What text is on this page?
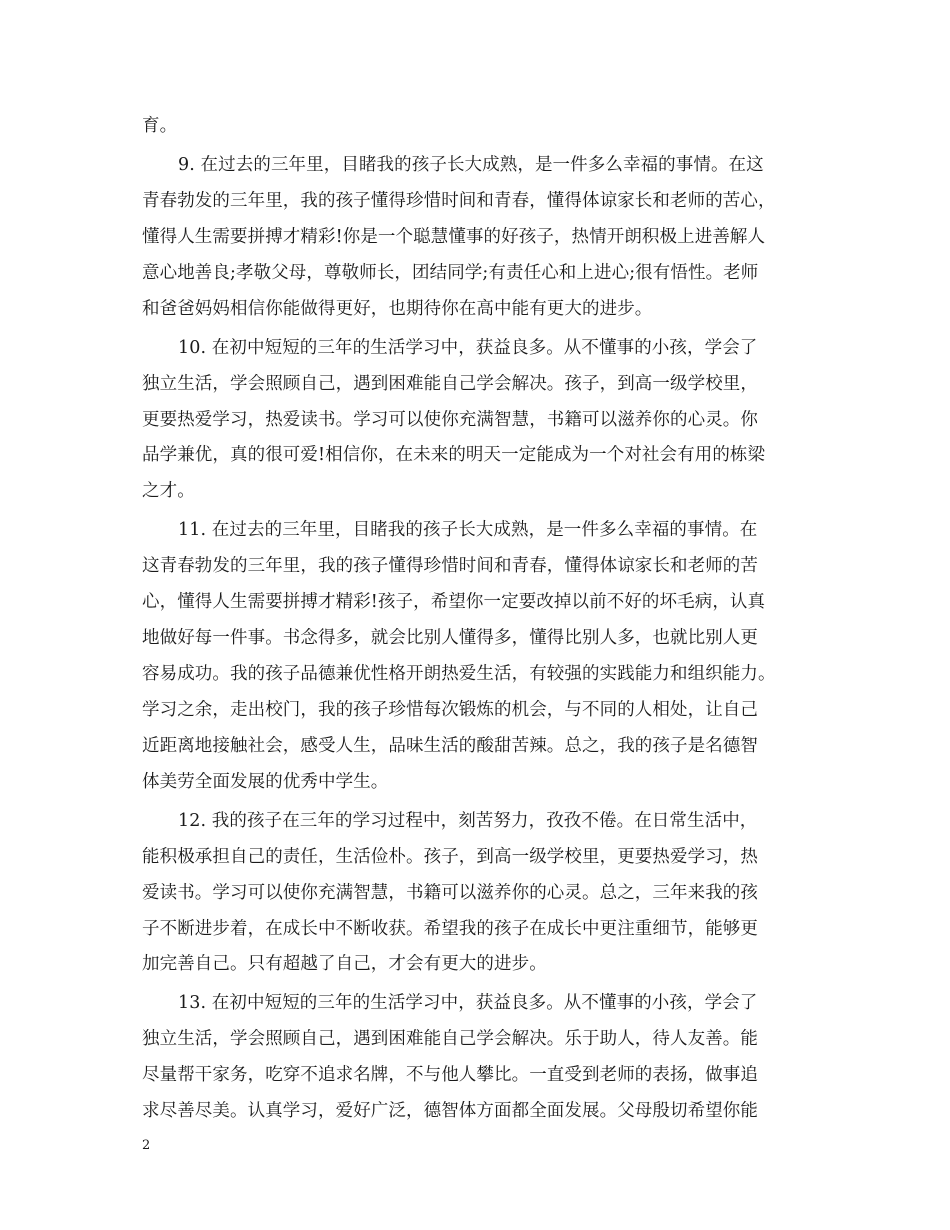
育。
9. 在过去的三年里，目睹我的孩子长大成熟，是一件多么幸福的事情。在这
青春勃发的三年里，我的孩子懂得珍惜时间和青春，懂得体谅家长和老师的苦心，
懂得人生需要拼搏才精彩!你是一个聪慧懂事的好孩子，热情开朗积极上进善解人
意心地善良;孝敬父母，尊敬师长，团结同学;有责任心和上进心;很有悟性。老师
和爸爸妈妈相信你能做得更好，也期待你在高中能有更大的进步。
10. 在初中短短的三年的生活学习中，获益良多。从不懂事的小孩，学会了
独立生活，学会照顾自己，遇到困难能自己学会解决。孩子，到高一级学校里，
更要热爱学习，热爱读书。学习可以使你充满智慧，书籍可以滋养你的心灵。你
品学兼优，真的很可爱!相信你，在未来的明天一定能成为一个对社会有用的栋梁
之才。
11. 在过去的三年里，目睹我的孩子长大成熟，是一件多么幸福的事情。在
这青春勃发的三年里，我的孩子懂得珍惜时间和青春，懂得体谅家长和老师的苦
心，懂得人生需要拼搏才精彩!孩子，希望你一定要改掉以前不好的坏毛病，认真
地做好每一件事。书念得多，就会比别人懂得多，懂得比别人多，也就比别人更
容易成功。我的孩子品德兼优性格开朗热爱生活，有较强的实践能力和组织能力。
学习之余，走出校门，我的孩子珍惜每次锻炼的机会，与不同的人相处，让自己
近距离地接触社会，感受人生，品味生活的酸甜苦辣。总之，我的孩子是名德智
体美劳全面发展的优秀中学生。
12. 我的孩子在三年的学习过程中，刻苦努力，孜孜不倦。在日常生活中，
能积极承担自己的责任，生活俭朴。孩子，到高一级学校里，更要热爱学习，热
爱读书。学习可以使你充满智慧，书籍可以滋养你的心灵。总之，三年来我的孩
子不断进步着，在成长中不断收获。希望我的孩子在成长中更注重细节，能够更
加完善自己。只有超越了自己，才会有更大的进步。
13. 在初中短短的三年的生活学习中，获益良多。从不懂事的小孩，学会了
独立生活，学会照顾自己，遇到困难能自己学会解决。乐于助人，待人友善。能
尽量帮干家务，吃穿不追求名牌，不与他人攀比。一直受到老师的表扬，做事追
求尽善尽美。认真学习，爱好广泛，德智体方面都全面发展。父母殷切希望你能
2
